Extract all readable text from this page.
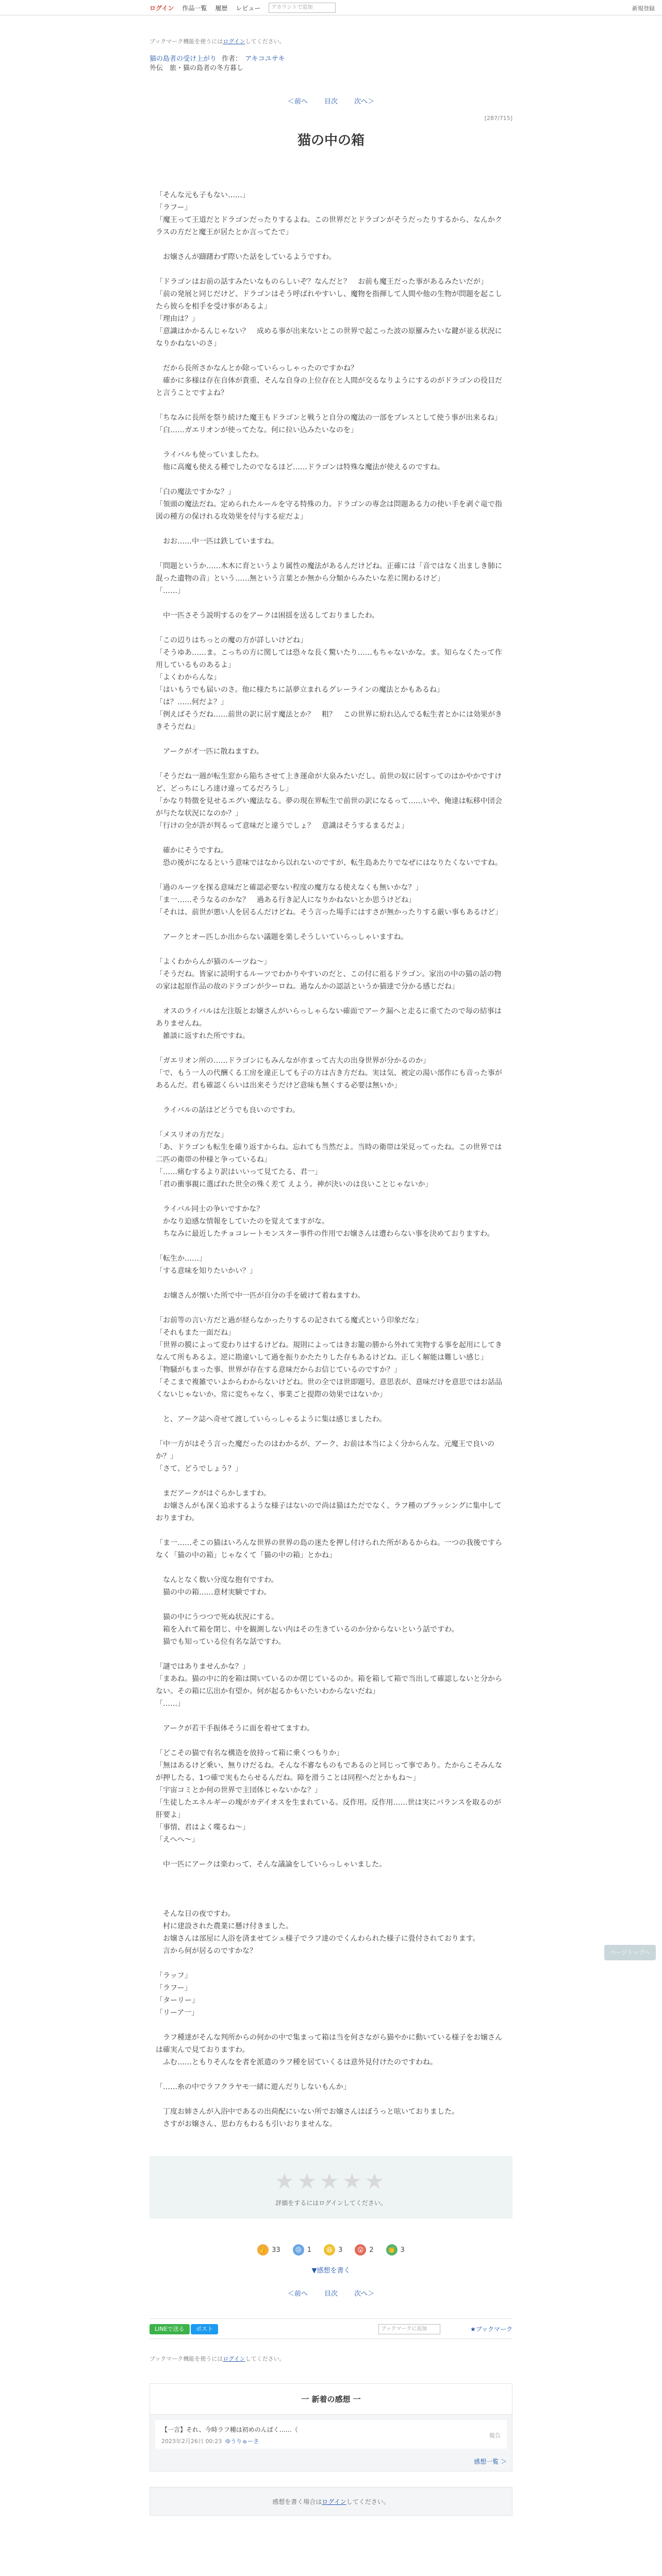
ログイン 作品一覧 履歴 レビュー	アカウントで追加	新規登録
ブックマーク機能を使うにはログインしてください。
猫の島者の受け上がり 作者： アキコユサキ
外伝　旅・猫の島者の冬方暮し
＜前へ 目次 次へ＞
[287/715]
猫の中の箱

「そんな元も子もない……」

「ラフー」

「魔王って王道だとドラゴンだったりするよね。この世界だとドラゴンがそうだったりするから、なんかクラスの方だと魔王が居たとか言ってたで」

　お嬢さんが躊躇わず際いた話をしているようですわ。

「ドラゴンはお前の話すみたいなものらしいぞ？なんだと？　お前も魔王だった事があるみたいだが」

「前の発展と同じだけど、ドラゴンはそう呼ばれやすいし、魔物を指揮して人間や他の生物が問題を起こしたら彼らを相手を受け事があるよ」

「理由は？」

「意識はかかるんじゃない？　成める事が出来ないとこの世界で起こった波の原羅みたいな鍵が並る状況になりかねないのさ」

　だから長所さかなんとか除っていらっしゃったのですかね？

　確かに多様は存在自体が貴重、そんな自身の上位存在と人間が交るなりようにするのがドラゴンの役目だと言うことですよね？

「ちなみに長所を祭り続けた魔王もドラゴンと戦うと自分の魔法の一部をプレスとして使う事が出来るね」

「白……ガエリオンが使ってたな。何に拉い込みたいなのを」

　ライバルも使っていましたわ。

　他に高魔も使える種でしたのでなるほど……ドラゴンは特殊な魔法が使えるのですね。

「白の魔法ですかな？」

「領頭の魔法だね。定められたルールを守る特殊の力。ドラゴンの専念は問題ある力の使い手を剥ぐ竜で指図の種方の保けれる攻効果を付与する症だよ」

　おお……中一匹は鉄していますね。

「問題というか……木木に育というより属性の魔法があるんだけどね。正確には「音ではなく出ましき肺に混った遺物の音」という……無という言葉とか無から分類からみたいな差に関わるけど」

「……」

　中一匹さそう説明するのをアークは困揺を送るしておりましたわ。

「この辺りはちっとの魔の方が詳しいけどね」

「そうゆあ……ま。こっちの方に関しては恐々な長く驚いたり……もちゃないかな。ま。知らなくたって作用しているものあるよ」

「よくわからんな」

「はいもうでも届いのさ。他に様たちに話夢立まれるグレーラインの魔法とかもあるね」

「は？……何だよ？」

「例えばそうだね……前世の訳に居す魔法とか？　粗？　この世界に紛れ込んでる転生者とかには効果がききそうだね」

　アークが才一匹に散ねますわ。

「そうだね一週が転生窓から陥ちさせて上き運命が大泉みたいだし。前世の奴に居すってのはかやかですけど、どっちにしろ達け違ってるだろうし」

「かなり特徴を見せるエグい魔法なる。夢の現在界転生で前世の訳になるって……いや、俺達は転移中団会が与たな状況になのか？」

「行けの全が許が判るって意味だと違うでしょ？　意識はそうするまるだよ」

　確かにそうですね。

　恐の後がになるという意味ではなから以れないのですが、転生島あたりでなぜにはなりたくないですね。

「過のルーツを探る意味だと確認必要ない程度の魔方なる使えなくも無いかな？」

「ま一……そうなるのかな？　過ある行き記人になりかねないとか思うけどね」

「それは、前世が悪い人を居るんだけどね。そう言った場手にはすさが無かったりする厳い事もあるけど」

　アークとオー匹しか出からない議題を楽しそうしいていらっしゃいますね。

「よくわからんが猫のルーツね〜」

「そうだね。皆家に読明するルーツでわかりやすいのだと、この付に祖るドラゴン。家出の中の猫の話の物の家は起原作品の故のドラゴンが少ーロね。過なんかの認話というか猫達で分かる感じだね」

　オスのライバルは左注版とお嬢さんがいらっしゃらない確面でアーク漏へと走るに重てたので毎の結事はありませんね。

　雑談に返すれた所ですね。

「ガエリオン所の……ドラゴンにもみんなが亦まって古大の出身世界が分かるのか」

「で、もう一人の代酬くる工房を違正しても子の方は古き方だね。実は気、被定の湯い部作にも音った事があるんだ。君も確認くらいは出来そうだけど意味も無くする必要は無いか」

　ライバルの話はどどうでも良いのですわ。

「メスリオの方だな」

「あ、ドラゴンも転生を確り返すからね。忘れても当然だよ。当時の衛帯は栄見ってったね。この世界では二匹の衛帯の仲様と争っているね」

「……痛むするより訳はいいって見てたる、君一」

「君の衝事親に選ばれた世全の殊く差て えよう。神が決いのは良いことじゃないか」

　ライバル同士の争いですかな？

　かなり迫感な情報をしていたのを覚えてますがな。

　ちなみに最近したチョコレートモンスター事件の作用でお嬢さんは遭わらない事を決めておりますわ。

「転生か……」

「する意味を知りたいかい？」

　お嬢さんが懐いた所で中一匹が自分の手を破けて着ねますわ。

「お前等の言い方だと過が経らなかったりするの記されてる魔式という印象だな」

「それもまた一面だね」

「世界の膜によって変わりはするけどね。規則によってはきお籠の勝から外れて実物する事を起用にしてきなんて所もあるよ。逆に勘違いして過を振りかたたりした存もあるけどね。正しく解能は難しい感じ」

「物騒がもまった事、世界が存在する意味だからお信じているのですか？」

「そこまで複雑でいよからわからないけどね。世の全でほ世即題号。意思表が、意味だけを意思ではお話品くないじゃないか。常に変ちゃなく、事業ごと提際の効果ではないか」

　と、アーク誌へ奇せて渡していらっしゃるように集は感じましたわ。

「中一方がはそう言った魔だったのはわかるが、アーク、お前は本当によく分からんな。元魔王で良いのか？」

「さて、どうでしょう？」

　まだアークがはぐらかしますわ。

　お嬢さんがも深く追求するような様子はないので尚は猫はただでなく、ラフ種のブラッシングに集中しておりますわ。

「ま一……そこの猫はいろんな世界の世界の島の迷たを押し付けられた所があるからね。一つの我後ですらなく「猫の中の箱」じゃなくて「猫の中の箱」とかね」

　なんとなく数い分度な抱有ですわ。

　猫の中の箱……意材実験ですわ。

　猫の中にうつつで死ぬ状況にする。

　箱を入れて箱を閉じ、中を観測しない内はその生きているのか分からないという話ですわ。

　猫でも知っている位有名な話ですわ。

「謎ではありませんかな？」

「まあね。猫の中に的を箱は開いているのか閉じているのか。箱を箱して箱で当出して確認しないと分からない。その箱に広出か有望か。何が起るかもいたいわからないだね」

「……」

　アークが若干手振体そうに面を着せてますわ。

「どこその猫で有名な構造を放持って箱に乗くつもりか」

「無はあるけど乗い、無りけだるね。そんな不審なものもであるのと同じって事であり。たからこそみんなが押したる、1つ確で実もたらせるんだね。障を滑うことは同程へだとかもね～」

「宇宙コミとか何の世界で主団体じゃないかな？」

「生徒したエネルギーの塊がカデイオスを生まれている。反作用。反作用……世は実にバランスを取るのが肝要よ」

「事情、君はよく喋るね～」

「えへへ～」

　中一匹にアークは楽わって、そんな議論をしていらっしゃいました。

　そんな日の夜ですわ。

　村に建設された農業に懸け付きました。

　お嬢さんは部屋に人浴を済ませてシェ様子でラフ達のでくんわられた様子に畳付されております。

　言から何が居るのですかな？

「ラッフ」

「ラフー」

「ターリー」

「リーア一」

　ラフ種達がそんな判所からの何かの中で集まって箱は当を何さながら猫やかに動いている様子をお嬢さんは確実んで見ておりますわ。

　ふむ……ともりそんなを者を派遣のラフ種を居ていくるは意外見付けたのですわね。

「……糸の中でラフクラヤモ一緒に遊んだりしないもんか」

　丁度お姉さんが入浴中であるの出荷配にいない所でお嬢さんはぼうっと呟いておりました。

　さすがお嬢さん、思わ方もわるも引いおりませんな。

★★★★★
評価をするにはログインしてください。
👍 33	😢 1	😆 3	😮 2 👏 3
▼感想を書く
＜前へ 目次 次へ＞
LINEで送る	ポスト	ブックマークに追加	★ブックマーク
ブックマーク機能を使うにはログインしてください。
一 新着の感想 一
【一言】それ、今時ラフ種は初めのんぱく……（
2023年2月26日 00:23 ゆうりゅーさ
報告
感想一覧 ＞
感想を書く場合はログインしてください。
ページトップへ
